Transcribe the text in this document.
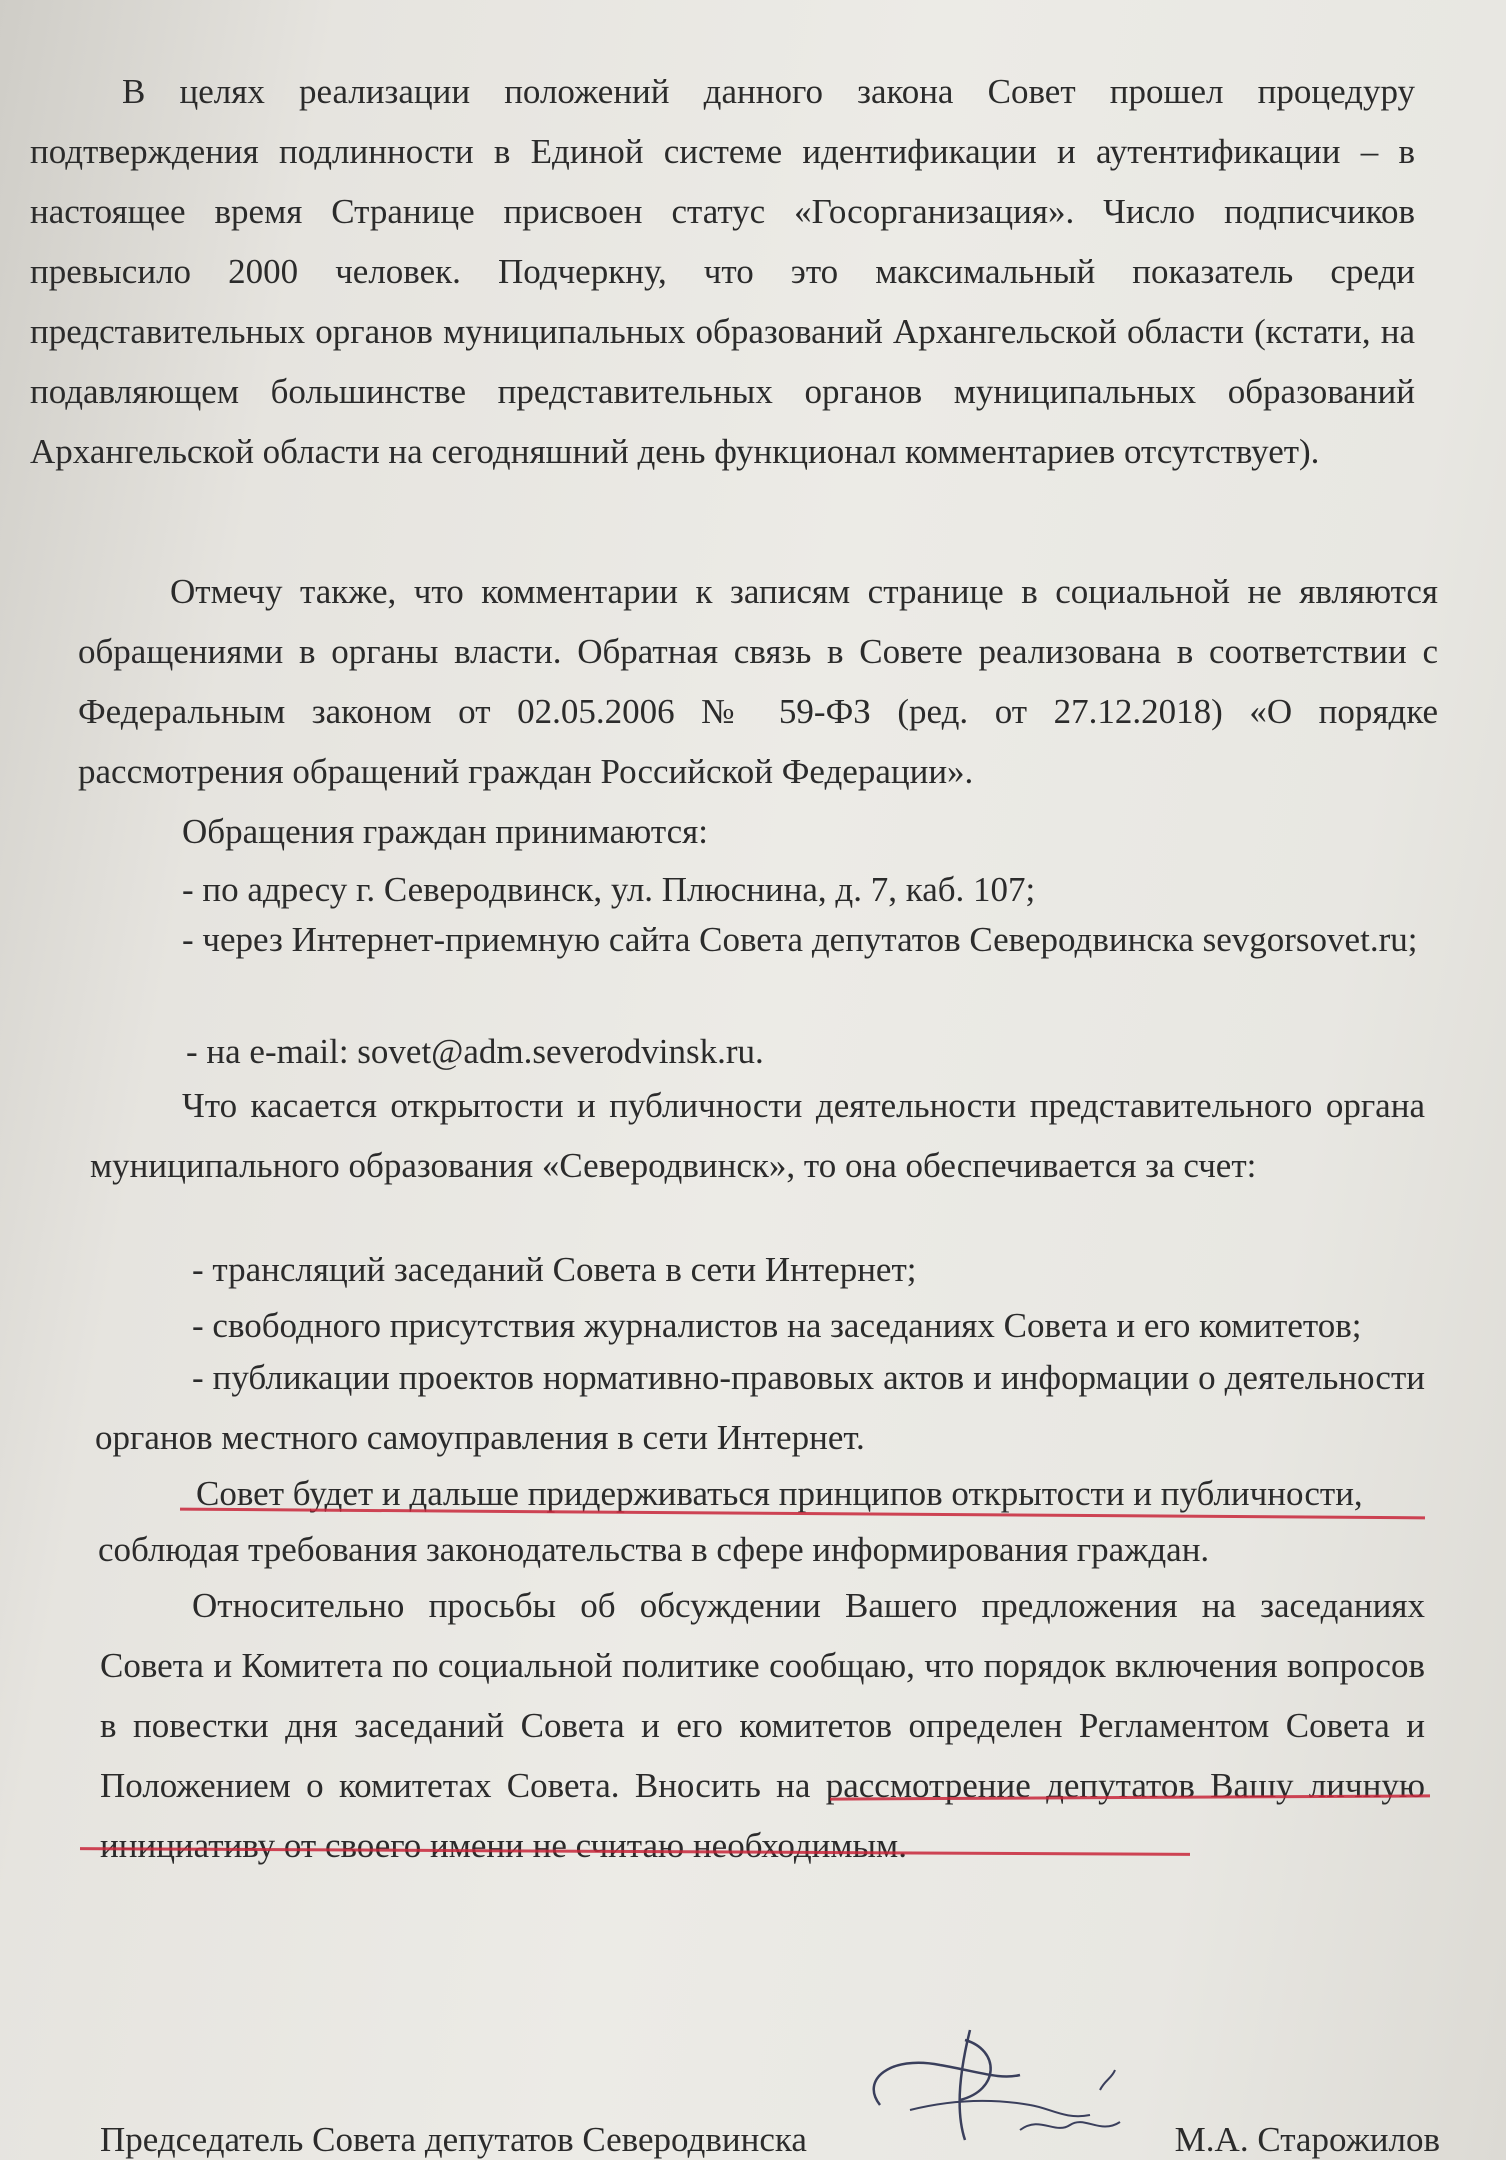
В целях реализации положений данного закона Совет прошел процедуру подтверждения подлинности в Единой системе идентификации и аутентификации – в настоящее время Странице присвоен статус «Госорганизация». Число подписчиков превысило 2000 человек. Подчеркну, что это максимальный показатель среди представительных органов муниципальных образований Архангельской области (кстати, на подавляющем большинстве представительных органов муниципальных образований Архангельской области на сегодняшний день функционал комментариев отсутствует).

Отмечу также, что комментарии к записям странице в социальной не являются обращениями в органы власти. Обратная связь в Совете реализована в соответствии с Федеральным законом от 02.05.2006 № 59-ФЗ (ред. от 27.12.2018) «О порядке рассмотрения обращений граждан Российской Федерации».

Обращения граждан принимаются:

- по адресу г. Северодвинск, ул. Плюснина, д. 7, каб. 107;

- через Интернет-приемную сайта Совета депутатов Северодвинска sevgorsovet.ru;

- на e-mail: sovet@adm.severodvinsk.ru.

Что касается открытости и публичности деятельности представительного органа муниципального образования «Северодвинск», то она обеспечивается за счет:

- трансляций заседаний Совета в сети Интернет;

- свободного присутствия журналистов на заседаниях Совета и его комитетов;

- публикации проектов нормативно-правовых актов и информации о деятельности органов местного самоуправления в сети Интернет.

Совет будет и дальше придерживаться принципов открытости и публичности,

соблюдая требования законодательства в сфере информирования граждан.

Относительно просьбы об обсуждении Вашего предложения на заседаниях Совета и Комитета по социальной политике сообщаю, что порядок включения вопросов в повестки дня заседаний Совета и его комитетов определен Регламентом Совета и Положением о комитетах Совета. Вносить на рассмотрение депутатов Вашу личную инициативу от своего имени не считаю необходимым.

Председатель Совета депутатов Северодвинска	М.А. Старожилов
